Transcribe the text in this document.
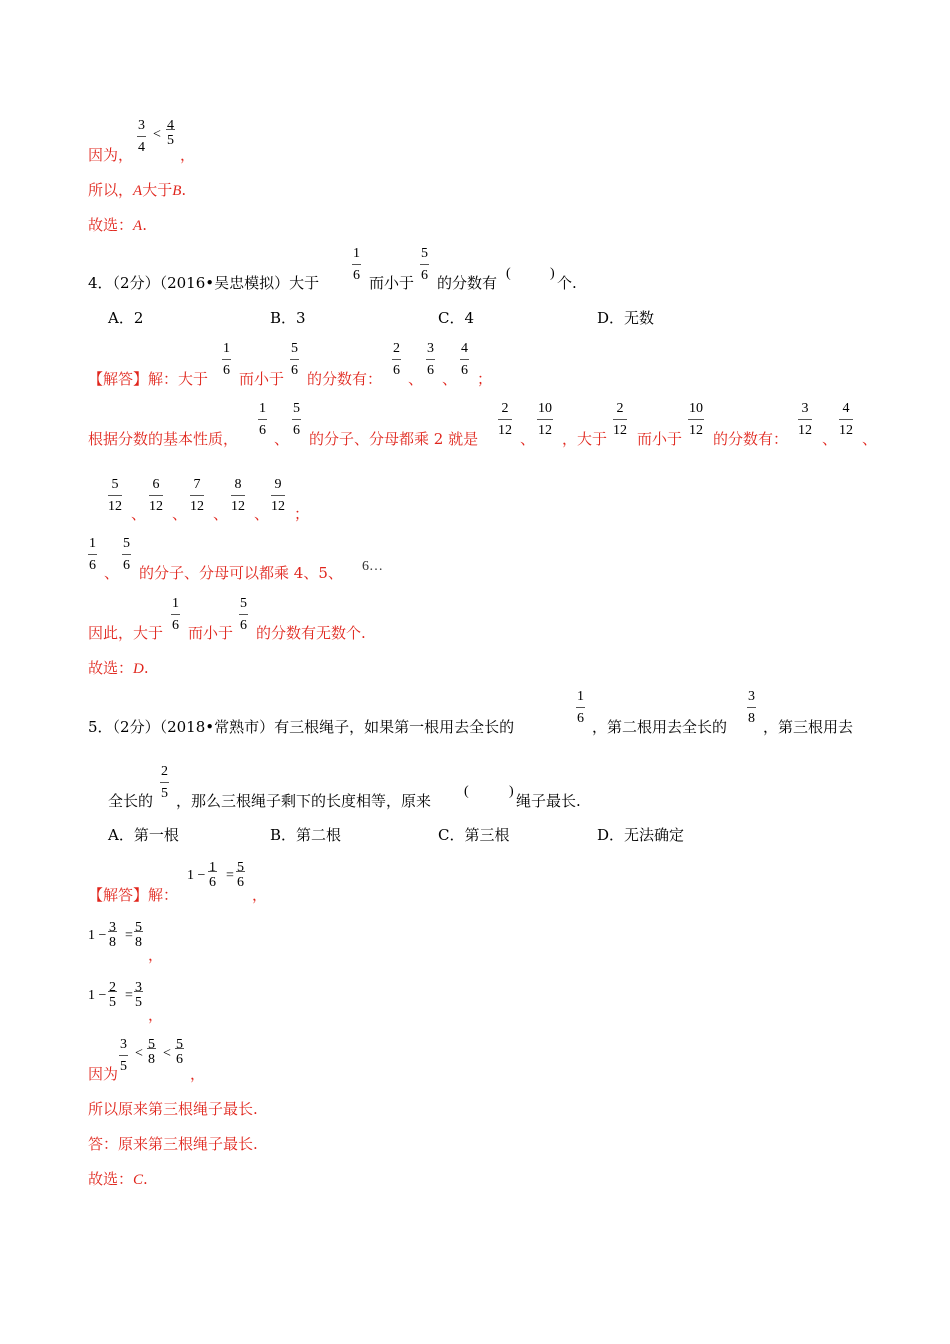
因为， $\frac{3}{4} < \frac{4}{5}$
，
所以，A大于B.
故选：A.
4．（2分）（2016•吴忠模拟）大于 $\frac{1}{6}$ 而小于 $\frac{5}{6}$ 的分数有
(	)
个.
A．2	B．3	C．4	D．无数
【解答】解：大于 $\frac{1}{6}$ 而小于 $\frac{5}{6}$ 的分数有： $\frac{2}{6}$ 、 $\frac{3}{6}$ 、 $\frac{4}{6}$ ；
根据分数的基本性质， $\frac{1}{6}$ 、 $\frac{5}{6}$ 的分子、分母都乘 2 就是 $\frac{2}{12}$ 、 $\frac{10}{12}$ ，大于 $\frac{2}{12}$ 而小于 $\frac{10}{12}$ 的分数有： $\frac{3}{12}$ 、 $\frac{4}{12}$ 、
$\frac{5}{12}$ 、 $\frac{6}{12}$ 、 $\frac{7}{12}$ 、 $\frac{8}{12}$ 、 $\frac{9}{12}$ ；
$\frac{1}{6}$ 、 $\frac{5}{6}$ 的分子、分母可以都乘 4、5、 6…
因此，大于 $\frac{1}{6}$ 而小于 $\frac{5}{6}$ 的分数有无数个.
故选：D.
5．（2分）（2018•常熟市）有三根绳子，如果第一根用去全长的	$\frac{1}{6}$ ，第二根用去全长的 $\frac{3}{8}$ ，第三根用去
全长的 $\frac{2}{5}$ ，那么三根绳子剩下的长度相等，原来
(	)
绳子最长.
A．第一根	B．第二根	C．第三根	D．无法确定
【解答】解：
$1 - \frac{1}{6} = \frac{5}{6}$
，
$1 - \frac{3}{8} = \frac{5}{8}$
，
$1 - \frac{2}{5} = \frac{3}{5}$
，
因为 $\frac{3}{5} < \frac{5}{8} < \frac{5}{6}$
，
所以原来第三根绳子最长.
答：原来第三根绳子最长.
故选：C.
